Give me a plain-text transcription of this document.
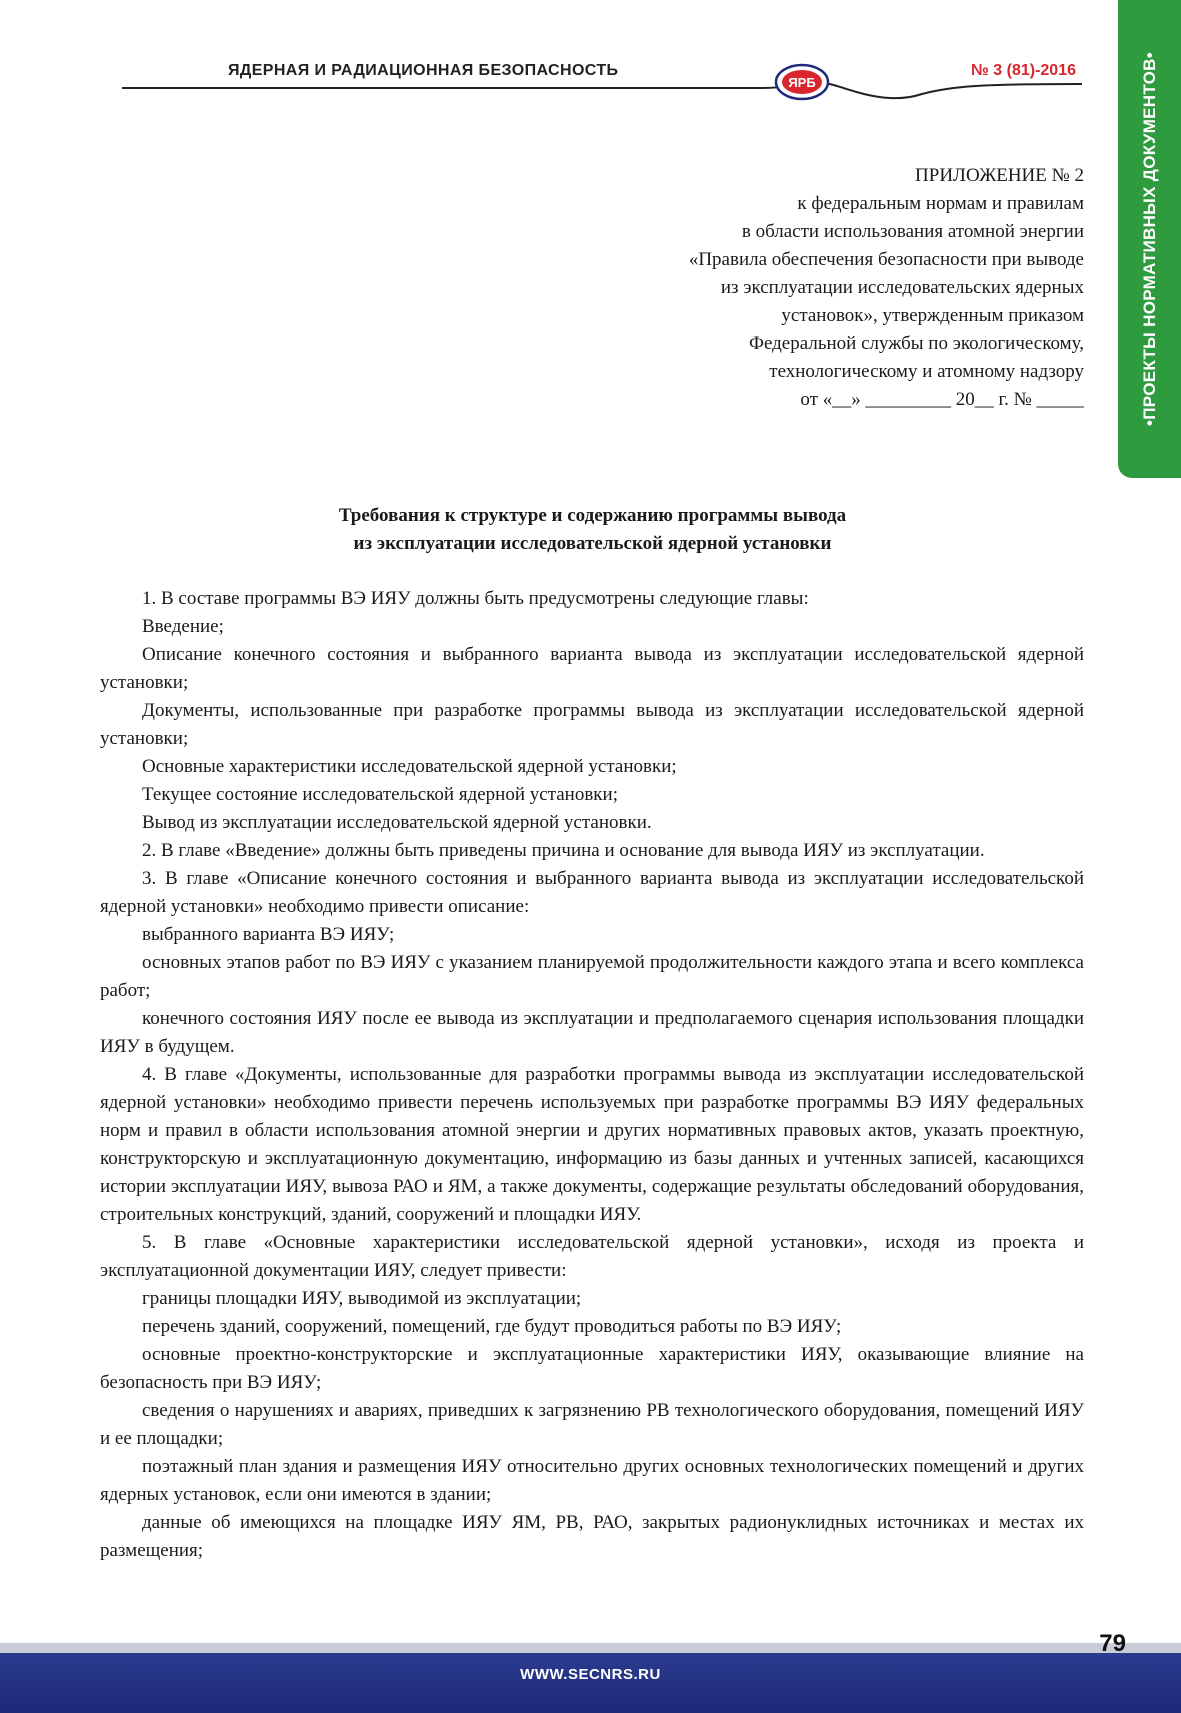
ЯДЕРНАЯ И РАДИАЦИОННАЯ БЕЗОПАСНОСТЬ
ЯРБ
№ 3 (81)-2016	•ПРОЕКТЫ НОРМАТИВНЫХ ДОКУМЕНТОВ•
ПРИЛОЖЕНИЕ № 2
к федеральным нормам и правилам
в области использования атомной энергии
«Правила обеспечения безопасности при выводе
из эксплуатации исследовательских ядерных
установок», утвержденным приказом
Федеральной службы по экологическому,
технологическому и атомному надзору
от «__» _________ 20__ г. № _____
Требования к структуре и содержанию программы вывода
из эксплуатации исследовательской ядерной установки

1. В составе программы ВЭ ИЯУ должны быть предусмотрены следующие главы:

Введение;

Описание конечного состояния и выбранного варианта вывода из эксплуатации исследовательской ядерной установки;

Документы, использованные при разработке программы вывода из эксплуатации исследовательской ядерной установки;

Основные характеристики исследовательской ядерной установки;

Текущее состояние исследовательской ядерной установки;

Вывод из эксплуатации исследовательской ядерной установки.

2. В главе «Введение» должны быть приведены причина и основание для вывода ИЯУ из эксплуатации.

3. В главе «Описание конечного состояния и выбранного варианта вывода из эксплуатации исследовательской ядерной установки» необходимо привести описание:

выбранного варианта ВЭ ИЯУ;

основных этапов работ по ВЭ ИЯУ с указанием планируемой продолжительности каждого этапа и всего комплекса работ;

конечного состояния ИЯУ после ее вывода из эксплуатации и предполагаемого сценария использования площадки ИЯУ в будущем.

4. В главе «Документы, использованные для разработки программы вывода из эксплуатации исследовательской ядерной установки» необходимо привести перечень используемых при разработке программы ВЭ ИЯУ федеральных норм и правил в области использования атомной энергии и других нормативных правовых актов, указать проектную, конструкторскую и эксплуатационную документацию, информацию из базы данных и учтенных записей, касающихся истории эксплуатации ИЯУ, вывоза РАО и ЯМ, а также документы, содержащие результаты обследований оборудования, строительных конструкций, зданий, сооружений и площадки ИЯУ.

5. В главе «Основные характеристики исследовательской ядерной установки», исходя из проекта и эксплуатационной документации ИЯУ, следует привести:

границы площадки ИЯУ, выводимой из эксплуатации;

перечень зданий, сооружений, помещений, где будут проводиться работы по ВЭ ИЯУ;

основные проектно-конструкторские и эксплуатационные характеристики ИЯУ, оказывающие влияние на безопасность при ВЭ ИЯУ;

сведения о нарушениях и авариях, приведших к загрязнению РВ технологического оборудования, помещений ИЯУ и ее площадки;

поэтажный план здания и размещения ИЯУ относительно других основных технологических помещений и других ядерных установок, если они имеются в здании;

данные об имеющихся на площадке ИЯУ ЯМ, РВ, РАО, закрытых радионуклидных источниках и местах их размещения;

79
WWW.SECNRS.RU
